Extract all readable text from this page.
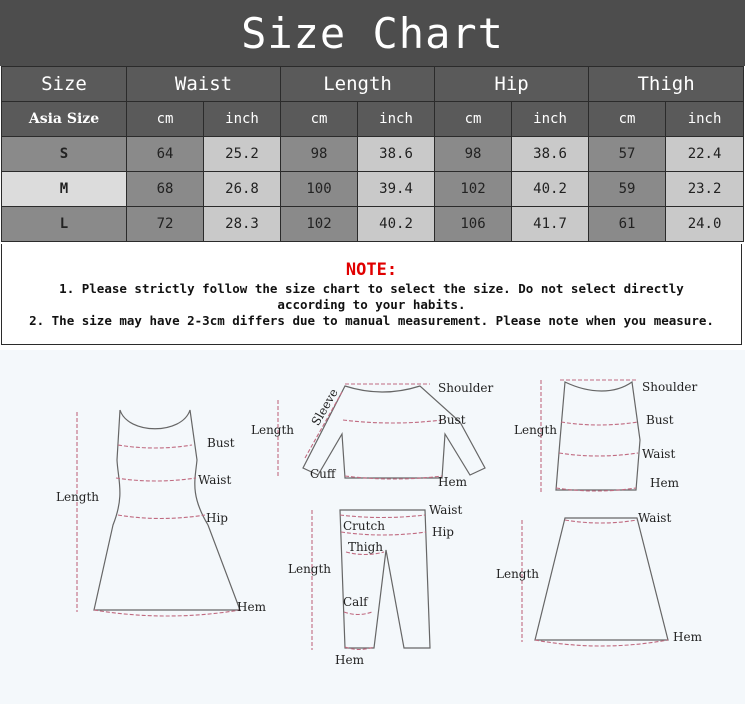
Size Chart
Size	Waist		Length		Hip		Thigh	
Asia Size	cm	inch	cm	inch	cm	inch	cm	inch
S	64	25.2	98	38.6	98	38.6	57	22.4
M	68	26.8	100	39.4	102	40.2	59	23.2
L	72	28.3	102	40.2	106	41.7	61	24.0
NOTE:
1. Please strictly follow the size chart to select the size. Do not select directly according to your habits.
2. The size may have 2-3cm differs due to manual measurement. Please note when you measure.
Length
Bust
Waist
Hip
Hem
Sleeve	Shoulder
Bust
Length
Cuff
Hem
Shoulder
Bust
Length
Waist
Hem
Waist
Crutch	Hip
Thigh
Length
Calf
Hem
Waist
Length
Hem
